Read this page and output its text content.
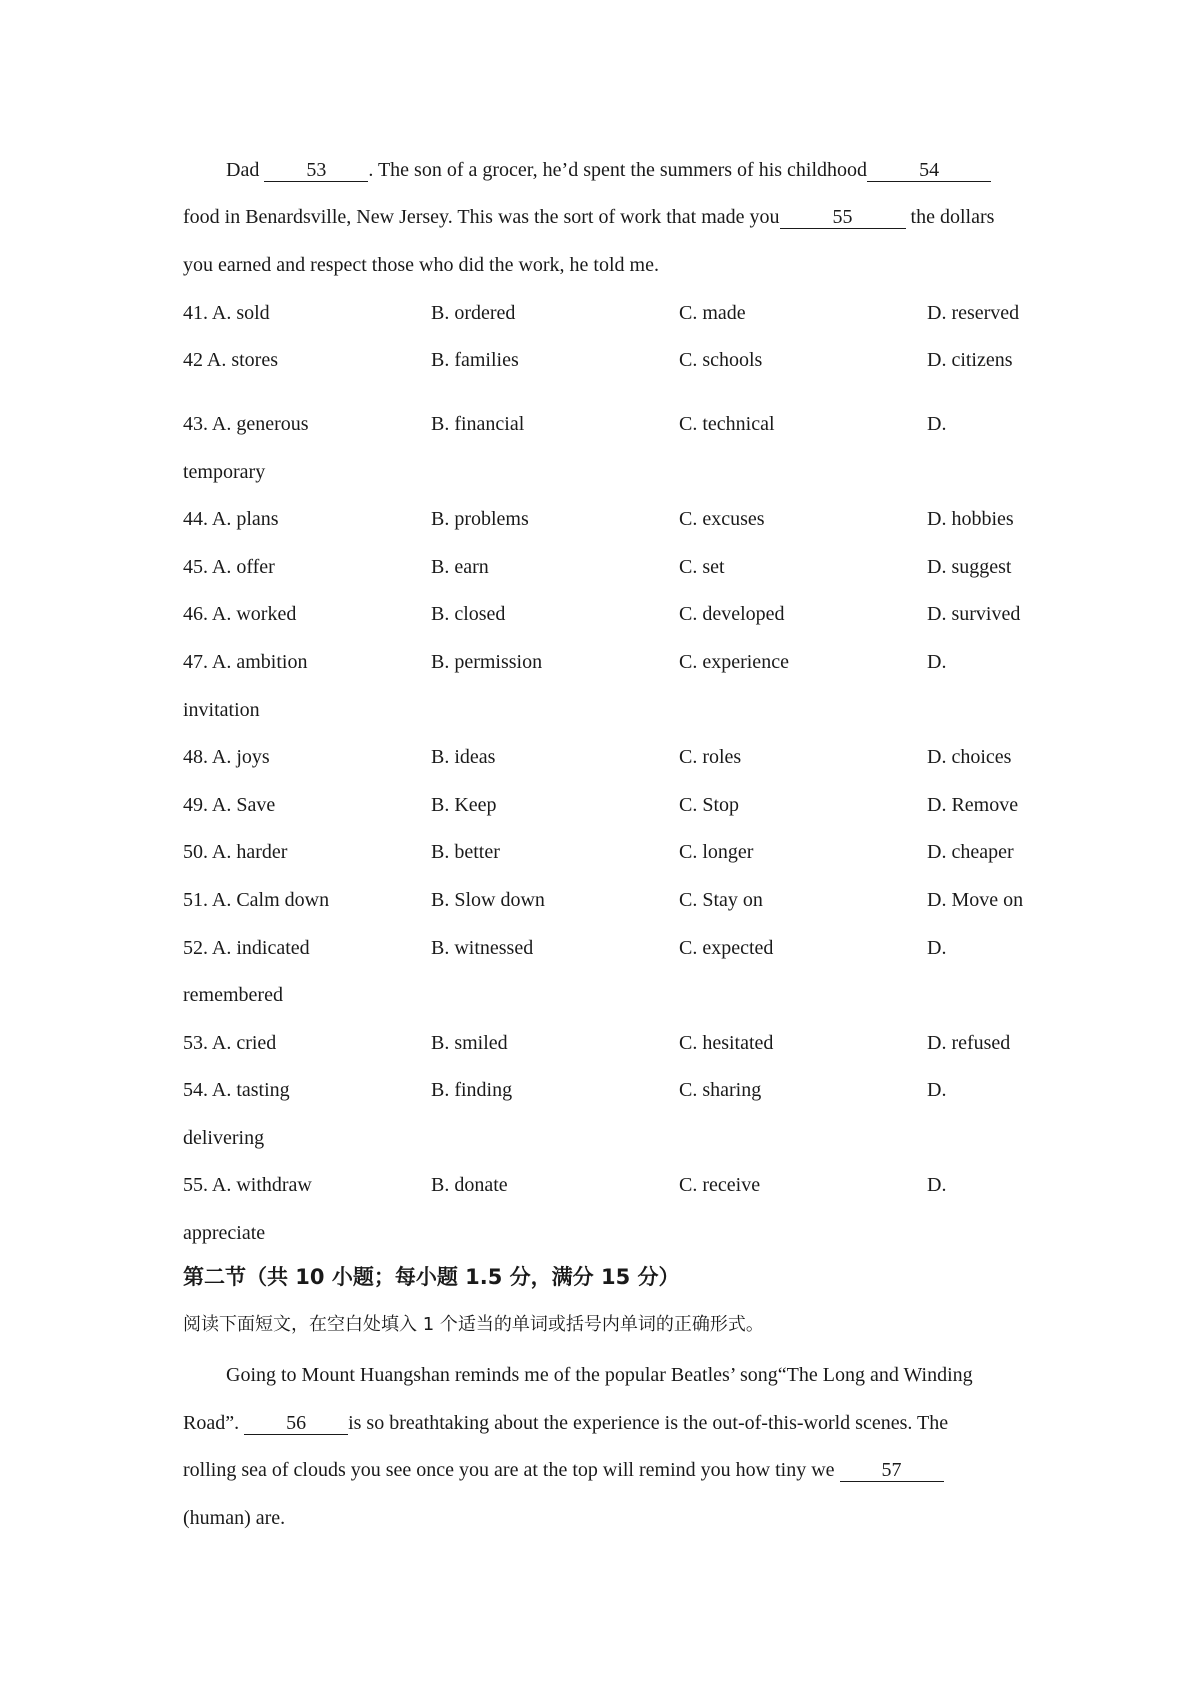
Dad 53 . The son of a grocer, he’d spent the summers of his childhood	54
food in Benardsville, New Jersey. This was the sort of work that made you	55	the dollars
you earned and respect those who did the work, he told me.
41. A. sold	B. ordered	C. made	D. reserved
42 A. stores	B. families	C. schools	D. citizens
43. A. generous	B. financial	C. technical	D.
temporary
44. A. plans	B. problems	C. excuses	D. hobbies
45. A. offer	B. earn	C. set	D. suggest
46. A. worked	B. closed	C. developed	D. survived
47. A. ambition	B. permission	C. experience	D.
invitation
48. A. joys	B. ideas	C. roles	D. choices
49. A. Save	B. Keep	C. Stop	D. Remove
50. A. harder	B. better	C. longer	D. cheaper
51. A. Calm down	B. Slow down	C. Stay on	D. Move on
52. A. indicated	B. witnessed	C. expected	D.
remembered
53. A. cried	B. smiled	C. hesitated	D. refused
54. A. tasting	B. finding	C. sharing	D.
delivering
55. A. withdraw	B. donate	C. receive	D.
appreciate
第二节（共 10 小题；每小题 1.5 分，满分 15 分）
阅读下面短文，在空白处填入 1 个适当的单词或括号内单词的正确形式。
Going to Mount Huangshan reminds me of the popular Beatles’ song“The Long and Winding
Road”. 56 is so breathtaking about the experience is the out-of-this-world scenes. The
rolling sea of clouds you see once you are at the top will remind you how tiny we 57
(human) are.
